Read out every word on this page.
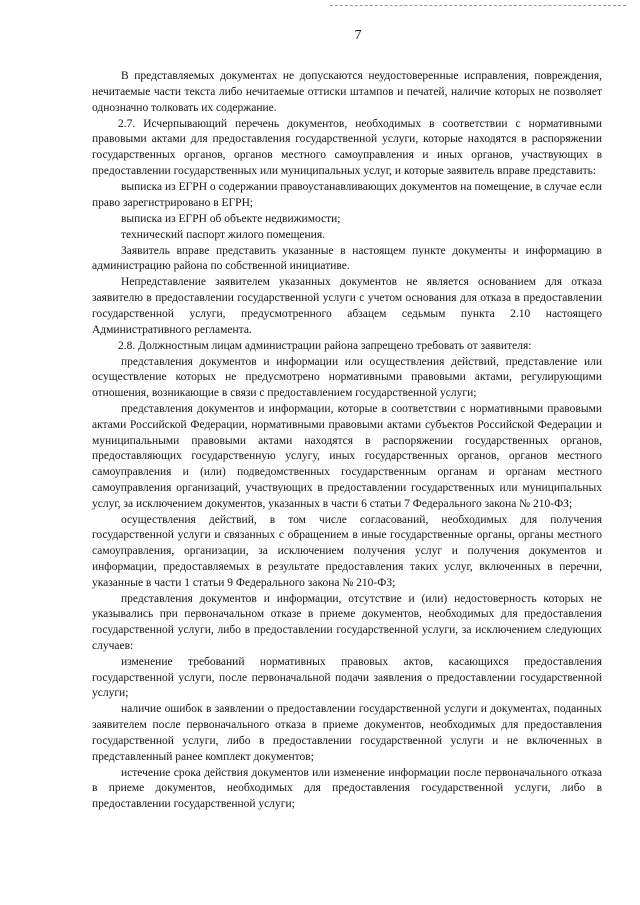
7

В представляемых документах не допускаются неудостоверенные исправления, повреждения, нечитаемые части текста либо нечитаемые оттиски штампов и печатей, наличие которых не позволяет однозначно толковать их содержание.

2.7. Исчерпывающий перечень документов, необходимых в соответствии с нормативными правовыми актами для предоставления государственной услуги, которые находятся в распоряжении государственных органов, органов местного самоуправления и иных органов, участвующих в предоставлении государственных или муниципальных услуг, и которые заявитель вправе представить:

выписка из ЕГРН о содержании правоустанавливающих документов на помещение, в случае если право зарегистрировано в ЕГРН;

выписка из ЕГРН об объекте недвижимости;

технический паспорт жилого помещения.

Заявитель вправе представить указанные в настоящем пункте документы и информацию в администрацию района по собственной инициативе.

Непредставление заявителем указанных документов не является основанием для отказа заявителю в предоставлении государственной услуги с учетом основания для отказа в предоставлении государственной услуги, предусмотренного абзацем седьмым пункта 2.10 настоящего Административного регламента.

2.8. Должностным лицам администрации района запрещено требовать от заявителя:

представления документов и информации или осуществления действий, представление или осуществление которых не предусмотрено нормативными правовыми актами, регулирующими отношения, возникающие в связи с предоставлением государственной услуги;

представления документов и информации, которые в соответствии с нормативными правовыми актами Российской Федерации, нормативными правовыми актами субъектов Российской Федерации и муниципальными правовыми актами находятся в распоряжении государственных органов, предоставляющих государственную услугу, иных государственных органов, органов местного самоуправления и (или) подведомственных государственным органам и органам местного самоуправления организаций, участвующих в предоставлении государственных или муниципальных услуг, за исключением документов, указанных в части 6 статьи 7 Федерального закона № 210-ФЗ;

осуществления действий, в том числе согласований, необходимых для получения государственной услуги и связанных с обращением в иные государственные органы, органы местного самоуправления, организации, за исключением получения услуг и получения документов и информации, предоставляемых в результате предоставления таких услуг, включенных в перечни, указанные в части 1 статьи 9 Федерального закона № 210-ФЗ;

представления документов и информации, отсутствие и (или) недостоверность которых не указывались при первоначальном отказе в приеме документов, необходимых для предоставления государственной услуги, либо в предоставлении государственной услуги, за исключением следующих случаев:

изменение требований нормативных правовых актов, касающихся предоставления государственной услуги, после первоначальной подачи заявления о предоставлении государственной услуги;

наличие ошибок в заявлении о предоставлении государственной услуги и документах, поданных заявителем после первоначального отказа в приеме документов, необходимых для предоставления государственной услуги, либо в предоставлении государственной услуги и не включенных в представленный ранее комплект документов;

истечение срока действия документов или изменение информации после первоначального отказа в приеме документов, необходимых для предоставления государственной услуги, либо в предоставлении государственной услуги;
